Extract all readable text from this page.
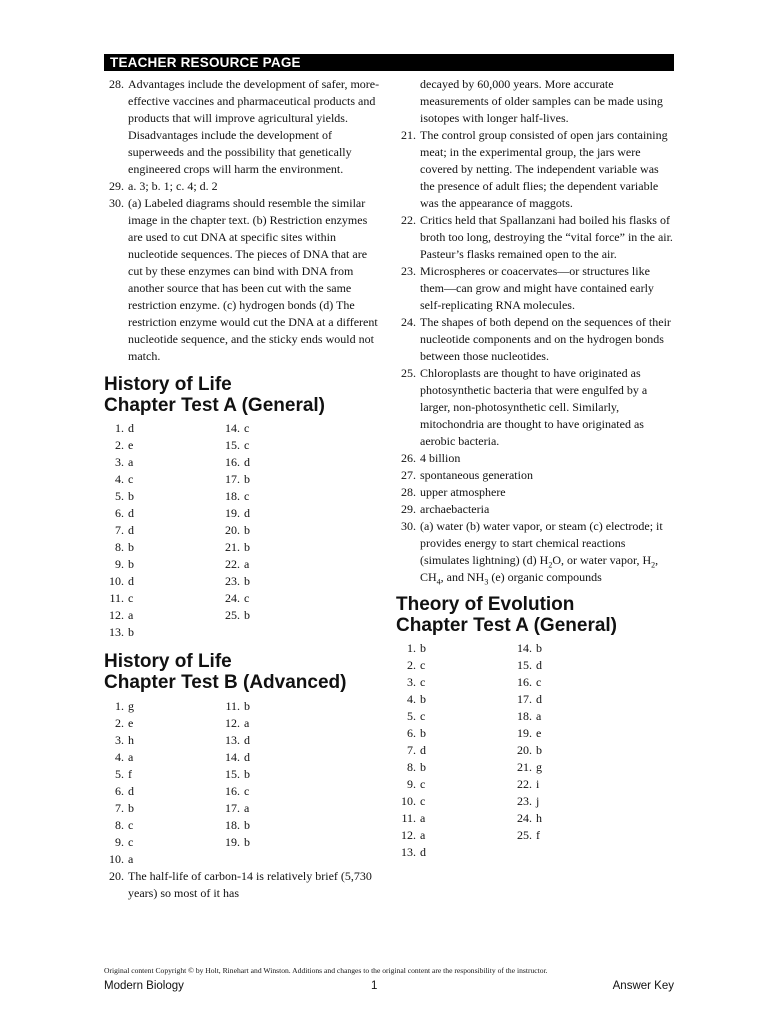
TEACHER RESOURCE PAGE
28. Advantages include the development of safer, more-effective vaccines and pharmaceutical products and products that will improve agricultural yields. Disadvantages include the development of superweeds and the possibility that genetically engineered crops will harm the environment.
29. a. 3; b. 1; c. 4; d. 2
30. (a) Labeled diagrams should resemble the similar image in the chapter text. (b) Restriction enzymes are used to cut DNA at specific sites within nucleotide sequences. The pieces of DNA that are cut by these enzymes can bind with DNA from another source that has been cut with the same restriction enzyme. (c) hydrogen bonds (d) The restriction enzyme would cut the DNA at a different nucleotide sequence, and the sticky ends would not match.
History of Life
Chapter Test A (General)
1. d
2. e
3. a
4. c
5. b
6. d
7. d
8. b
9. b
10. d
11. c
12. a
13. b
14. c
15. c
16. d
17. b
18. c
19. d
20. b
21. b
22. a
23. b
24. c
25. b
History of Life
Chapter Test B (Advanced)
1. g
2. e
3. h
4. a
5. f
6. d
7. b
8. c
9. c
10. a
11. b
12. a
13. d
14. d
15. b
16. c
17. a
18. b
19. b
20. The half-life of carbon-14 is relatively brief (5,730 years) so most of it has
decayed by 60,000 years. More accurate measurements of older samples can be made using isotopes with longer half-lives.
21. The control group consisted of open jars containing meat; in the experimental group, the jars were covered by netting. The independent variable was the presence of adult flies; the dependent variable was the appearance of maggots.
22. Critics held that Spallanzani had boiled his flasks of broth too long, destroying the “vital force” in the air. Pasteur’s flasks remained open to the air.
23. Microspheres or coacervates—or structures like them—can grow and might have contained early self-replicating RNA molecules.
24. The shapes of both depend on the sequences of their nucleotide components and on the hydrogen bonds between those nucleotides.
25. Chloroplasts are thought to have originated as photosynthetic bacteria that were engulfed by a larger, non-photosynthetic cell. Similarly, mitochondria are thought to have originated as aerobic bacteria.
26. 4 billion
27. spontaneous generation
28. upper atmosphere
29. archaebacteria
30. (a) water (b) water vapor, or steam (c) electrode; it provides energy to start chemical reactions (simulates lightning) (d) $H_2O$, or water vapor, $H_2$, $CH_4$, and $NH_3$ (e) organic compounds
Theory of Evolution
Chapter Test A (General)
1. b
2. c
3. c
4. b
5. c
6. b
7. d
8. b
9. c
10. c
11. a
12. a
13. d
14. b
15. d
16. c
17. d
18. a
19. e
20. b
21. g
22. i
23. j
24. h
25. f
Original content Copyright © by Holt, Rinehart and Winston. Additions and changes to the original content are the responsibility of the instructor.
Modern Biology	1	Answer Key
